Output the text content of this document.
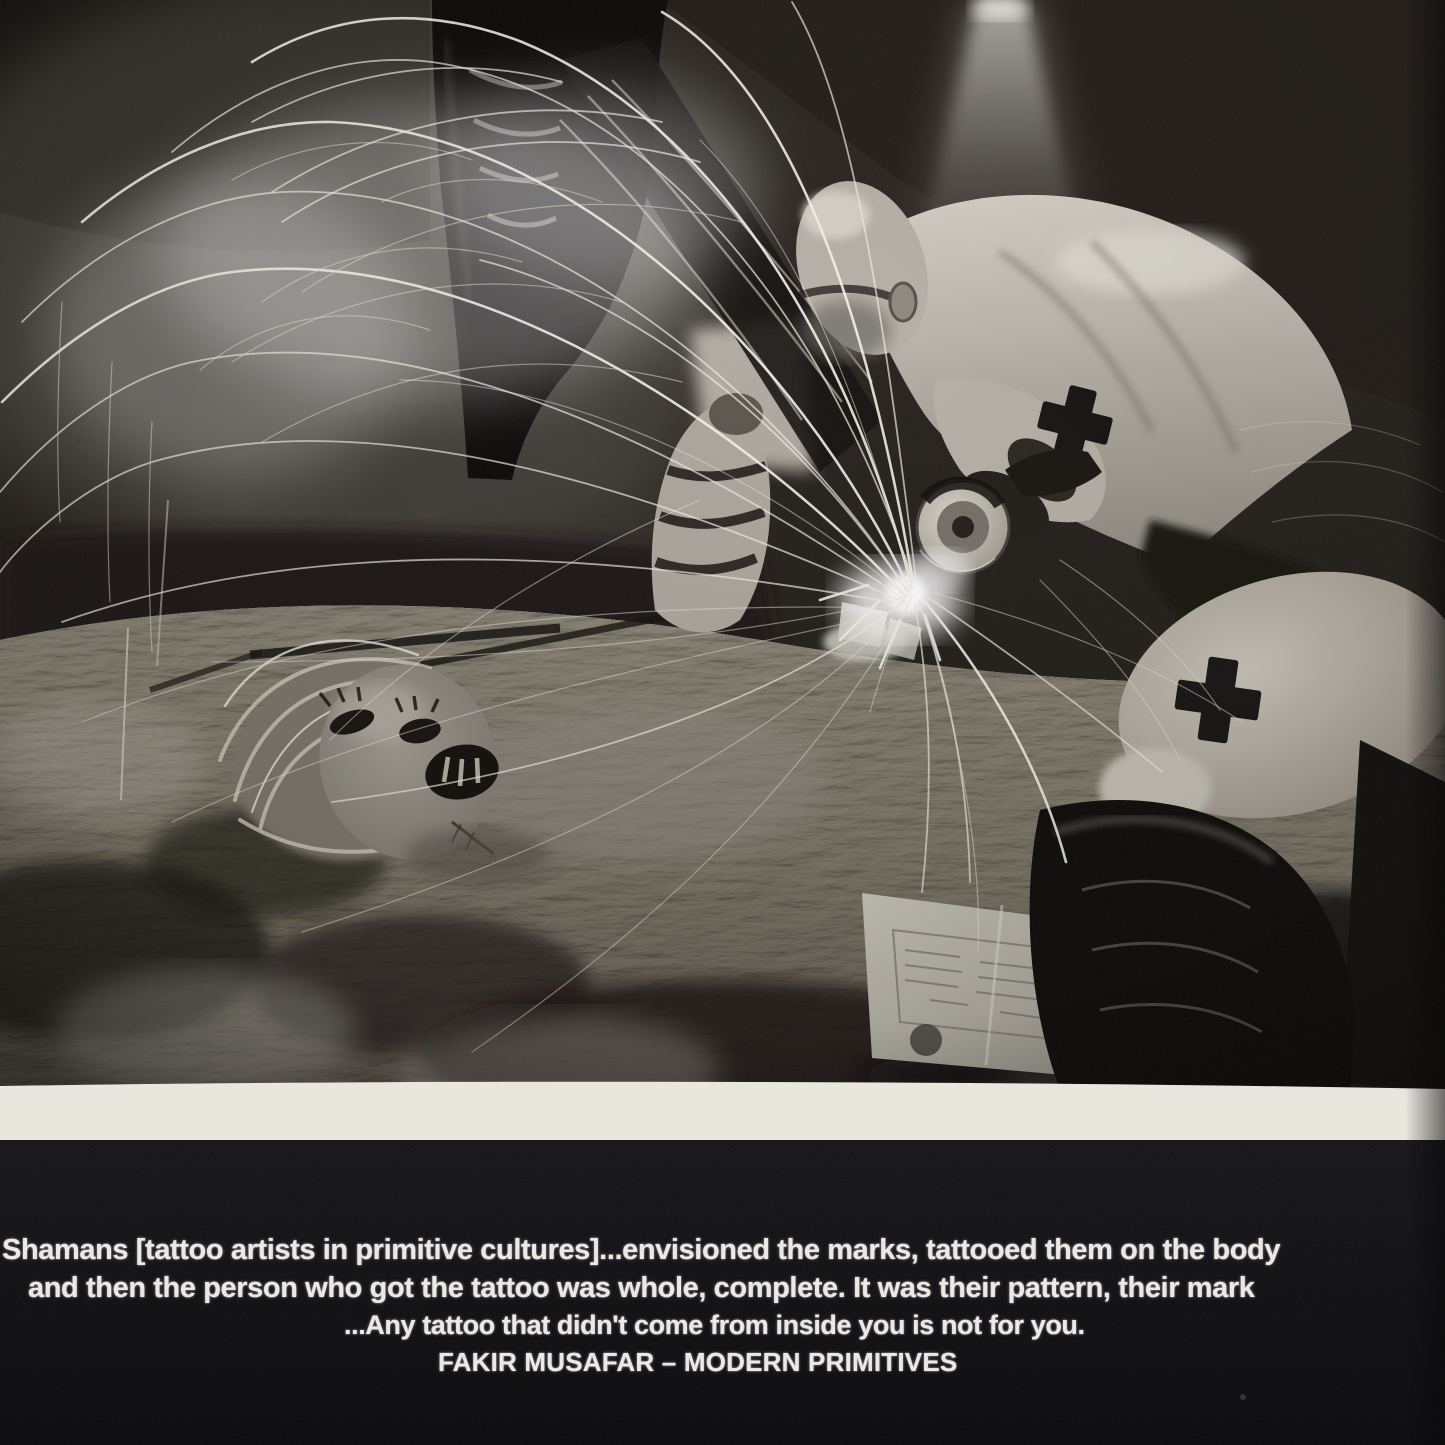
Shamans [tattoo artists in primitive cultures]...envisioned the marks, tattooed them on the body
and then the person who got the tattoo was whole, complete. It was their pattern, their mark
...Any tattoo that didn't come from inside you is not for you.
FAKIR MUSAFAR – MODERN PRIMITIVES
